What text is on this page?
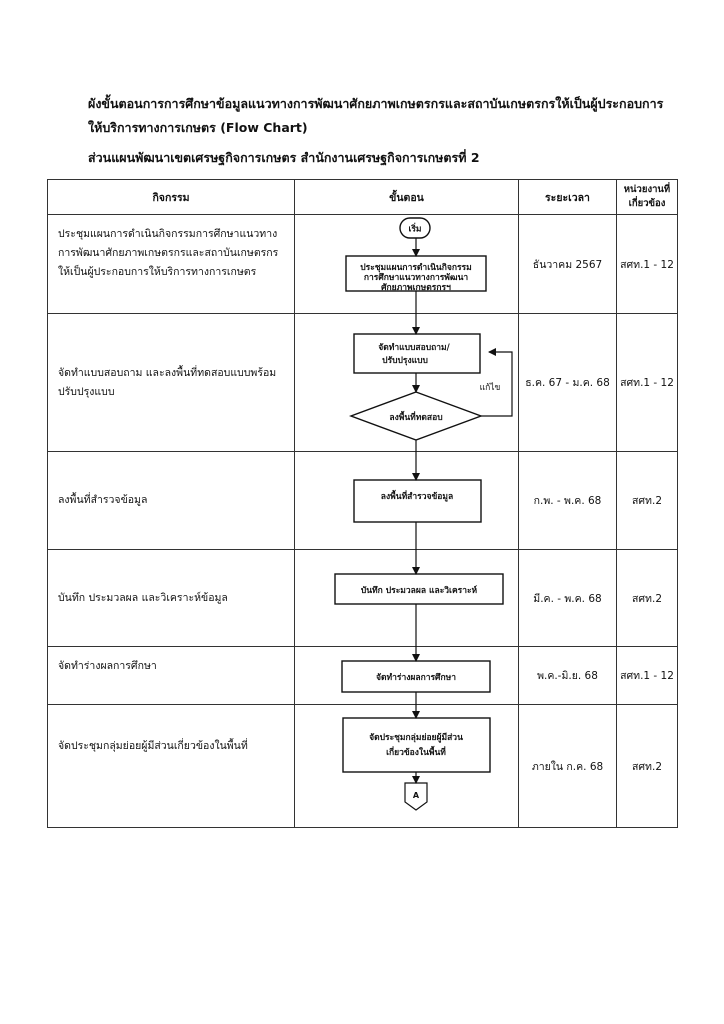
ผังขั้นตอนการการศึกษาข้อมูลแนวทางการพัฒนาศักยภาพเกษตรกรและสถาบันเกษตรกรให้เป็นผู้ประกอบการให้บริการทางการเกษตร (Flow Chart)
ส่วนแผนพัฒนาเขตเศรษฐกิจการเกษตร สำนักงานเศรษฐกิจการเกษตรที่ 2
กิจกรรม	ขั้นตอน	ระยะเวลา	หน่วยงานที่ เกี่ยวข้อง
ประชุมแผนการดำเนินกิจกรรมการศึกษาแนวทางการพัฒนาศักยภาพเกษตรกรและสถาบันเกษตรกรให้เป็นผู้ประกอบการให้บริการทางการเกษตร		ธันวาคม 2567	สศท.1 - 12
จัดทำแบบสอบถาม และลงพื้นที่ทดสอบแบบพร้อมปรับปรุงแบบ		ธ.ค. 67 - ม.ค. 68	สศท.1 - 12
ลงพื้นที่สำรวจข้อมูล		ก.พ. - พ.ค. 68	สศท.2
บันทึก ประมวลผล และวิเคราะห์ข้อมูล		มี.ค. - พ.ค. 68	สศท.2
จัดทำร่างผลการศึกษา		พ.ค.-มิ.ย. 68	สศท.1 - 12
จัดประชุมกลุ่มย่อยผู้มีส่วนเกี่ยวข้องในพื้นที่		ภายใน ก.ค. 68	สศท.2
เริ่ม
ประชุมแผนการดำเนินกิจกรรม
การศึกษาแนวทางการพัฒนา
ศักยภาพเกษตรกรฯ
จัดทำแบบสอบถาม/
ปรับปรุงแบบ
ลงพื้นที่ทดสอบ
แก้ไข
ลงพื้นที่สำรวจข้อมูล
บันทึก ประมวลผล และวิเคราะห์
จัดทำร่างผลการศึกษา
จัดประชุมกลุ่มย่อยผู้มีส่วน
เกี่ยวข้องในพื้นที่
A
